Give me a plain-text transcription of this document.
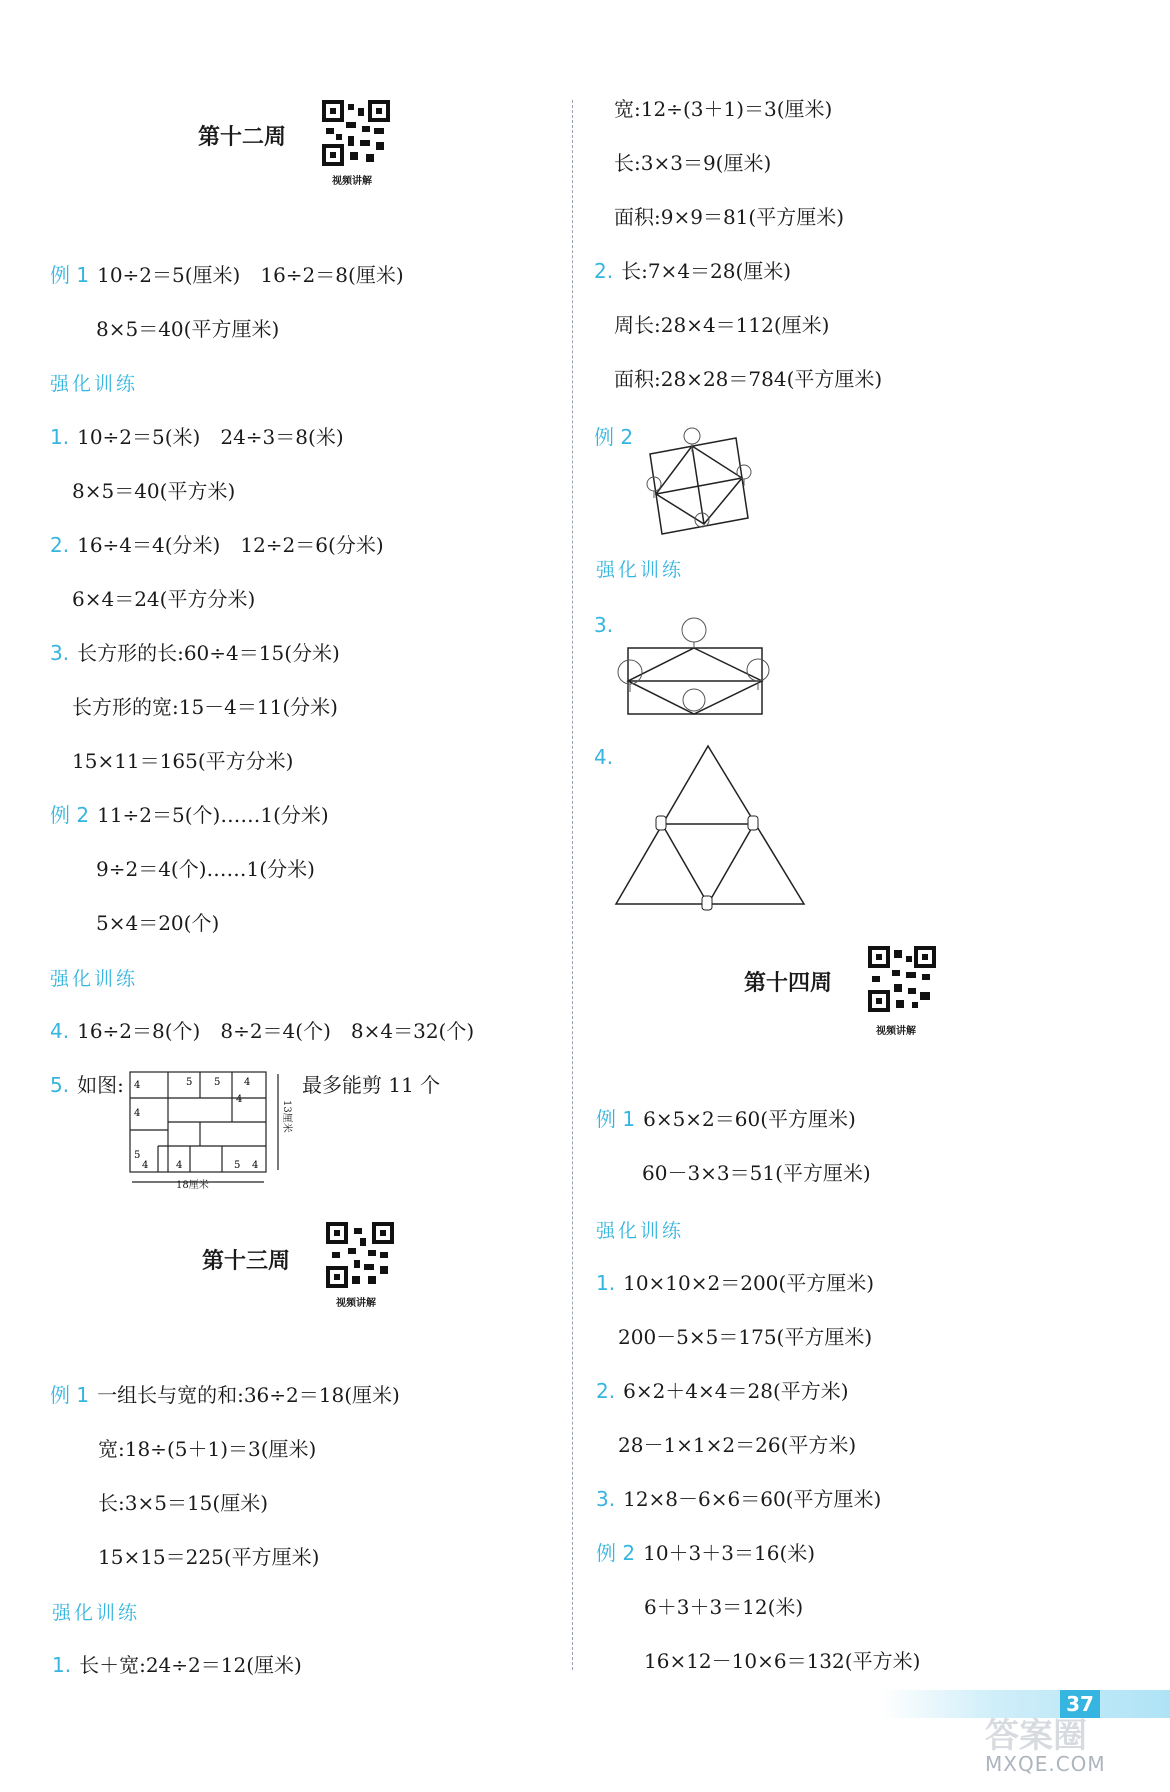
第十二周
视频讲解
例 1 10÷2＝5(厘米)　16÷2＝8(厘米)
8×5＝40(平方厘米)
强化训练
1. 10÷2＝5(米)　24÷3＝8(米)
8×5＝40(平方米)
2. 16÷4＝4(分米)　12÷2＝6(分米)
6×4＝24(平方分米)
3. 长方形的长:60÷4＝15(分米)
长方形的宽:15－4＝11(分米)
15×11＝165(平方分米)
例 2 11÷2＝5(个)……1(分米)
9÷2＝4(个)……1(分米)
5×4＝20(个)
强化训练
4. 16÷2＝8(个)　8÷2＝4(个)　8×4＝32(个)
5. 如图:	最多能剪 11 个
5 5 4
4
4
4
5
4	4	5 4
18厘米
13厘米
第十三周
视频讲解
例 1 一组长与宽的和:36÷2＝18(厘米)
宽:18÷(5＋1)＝3(厘米)
长:3×5＝15(厘米)
15×15＝225(平方厘米)
强化训练
1. 长＋宽:24÷2＝12(厘米)
宽:12÷(3＋1)＝3(厘米)
长:3×3＝9(厘米)
面积:9×9＝81(平方厘米)
2. 长:7×4＝28(厘米)
周长:28×4＝112(厘米)
面积:28×28＝784(平方厘米)
例 2
强化训练
3.
4.
第十四周
视频讲解
例 1 6×5×2＝60(平方厘米)
60－3×3＝51(平方厘米)
强化训练
1. 10×10×2＝200(平方厘米)
200－5×5＝175(平方厘米)
2. 6×2＋4×4＝28(平方米)
28－1×1×2＝26(平方米)
3. 12×8－6×6＝60(平方厘米)
例 2 10＋3＋3＝16(米)
6＋3＋3＝12(米)
16×12－10×6＝132(平方米)
37
答案圈
MXQE.COM
